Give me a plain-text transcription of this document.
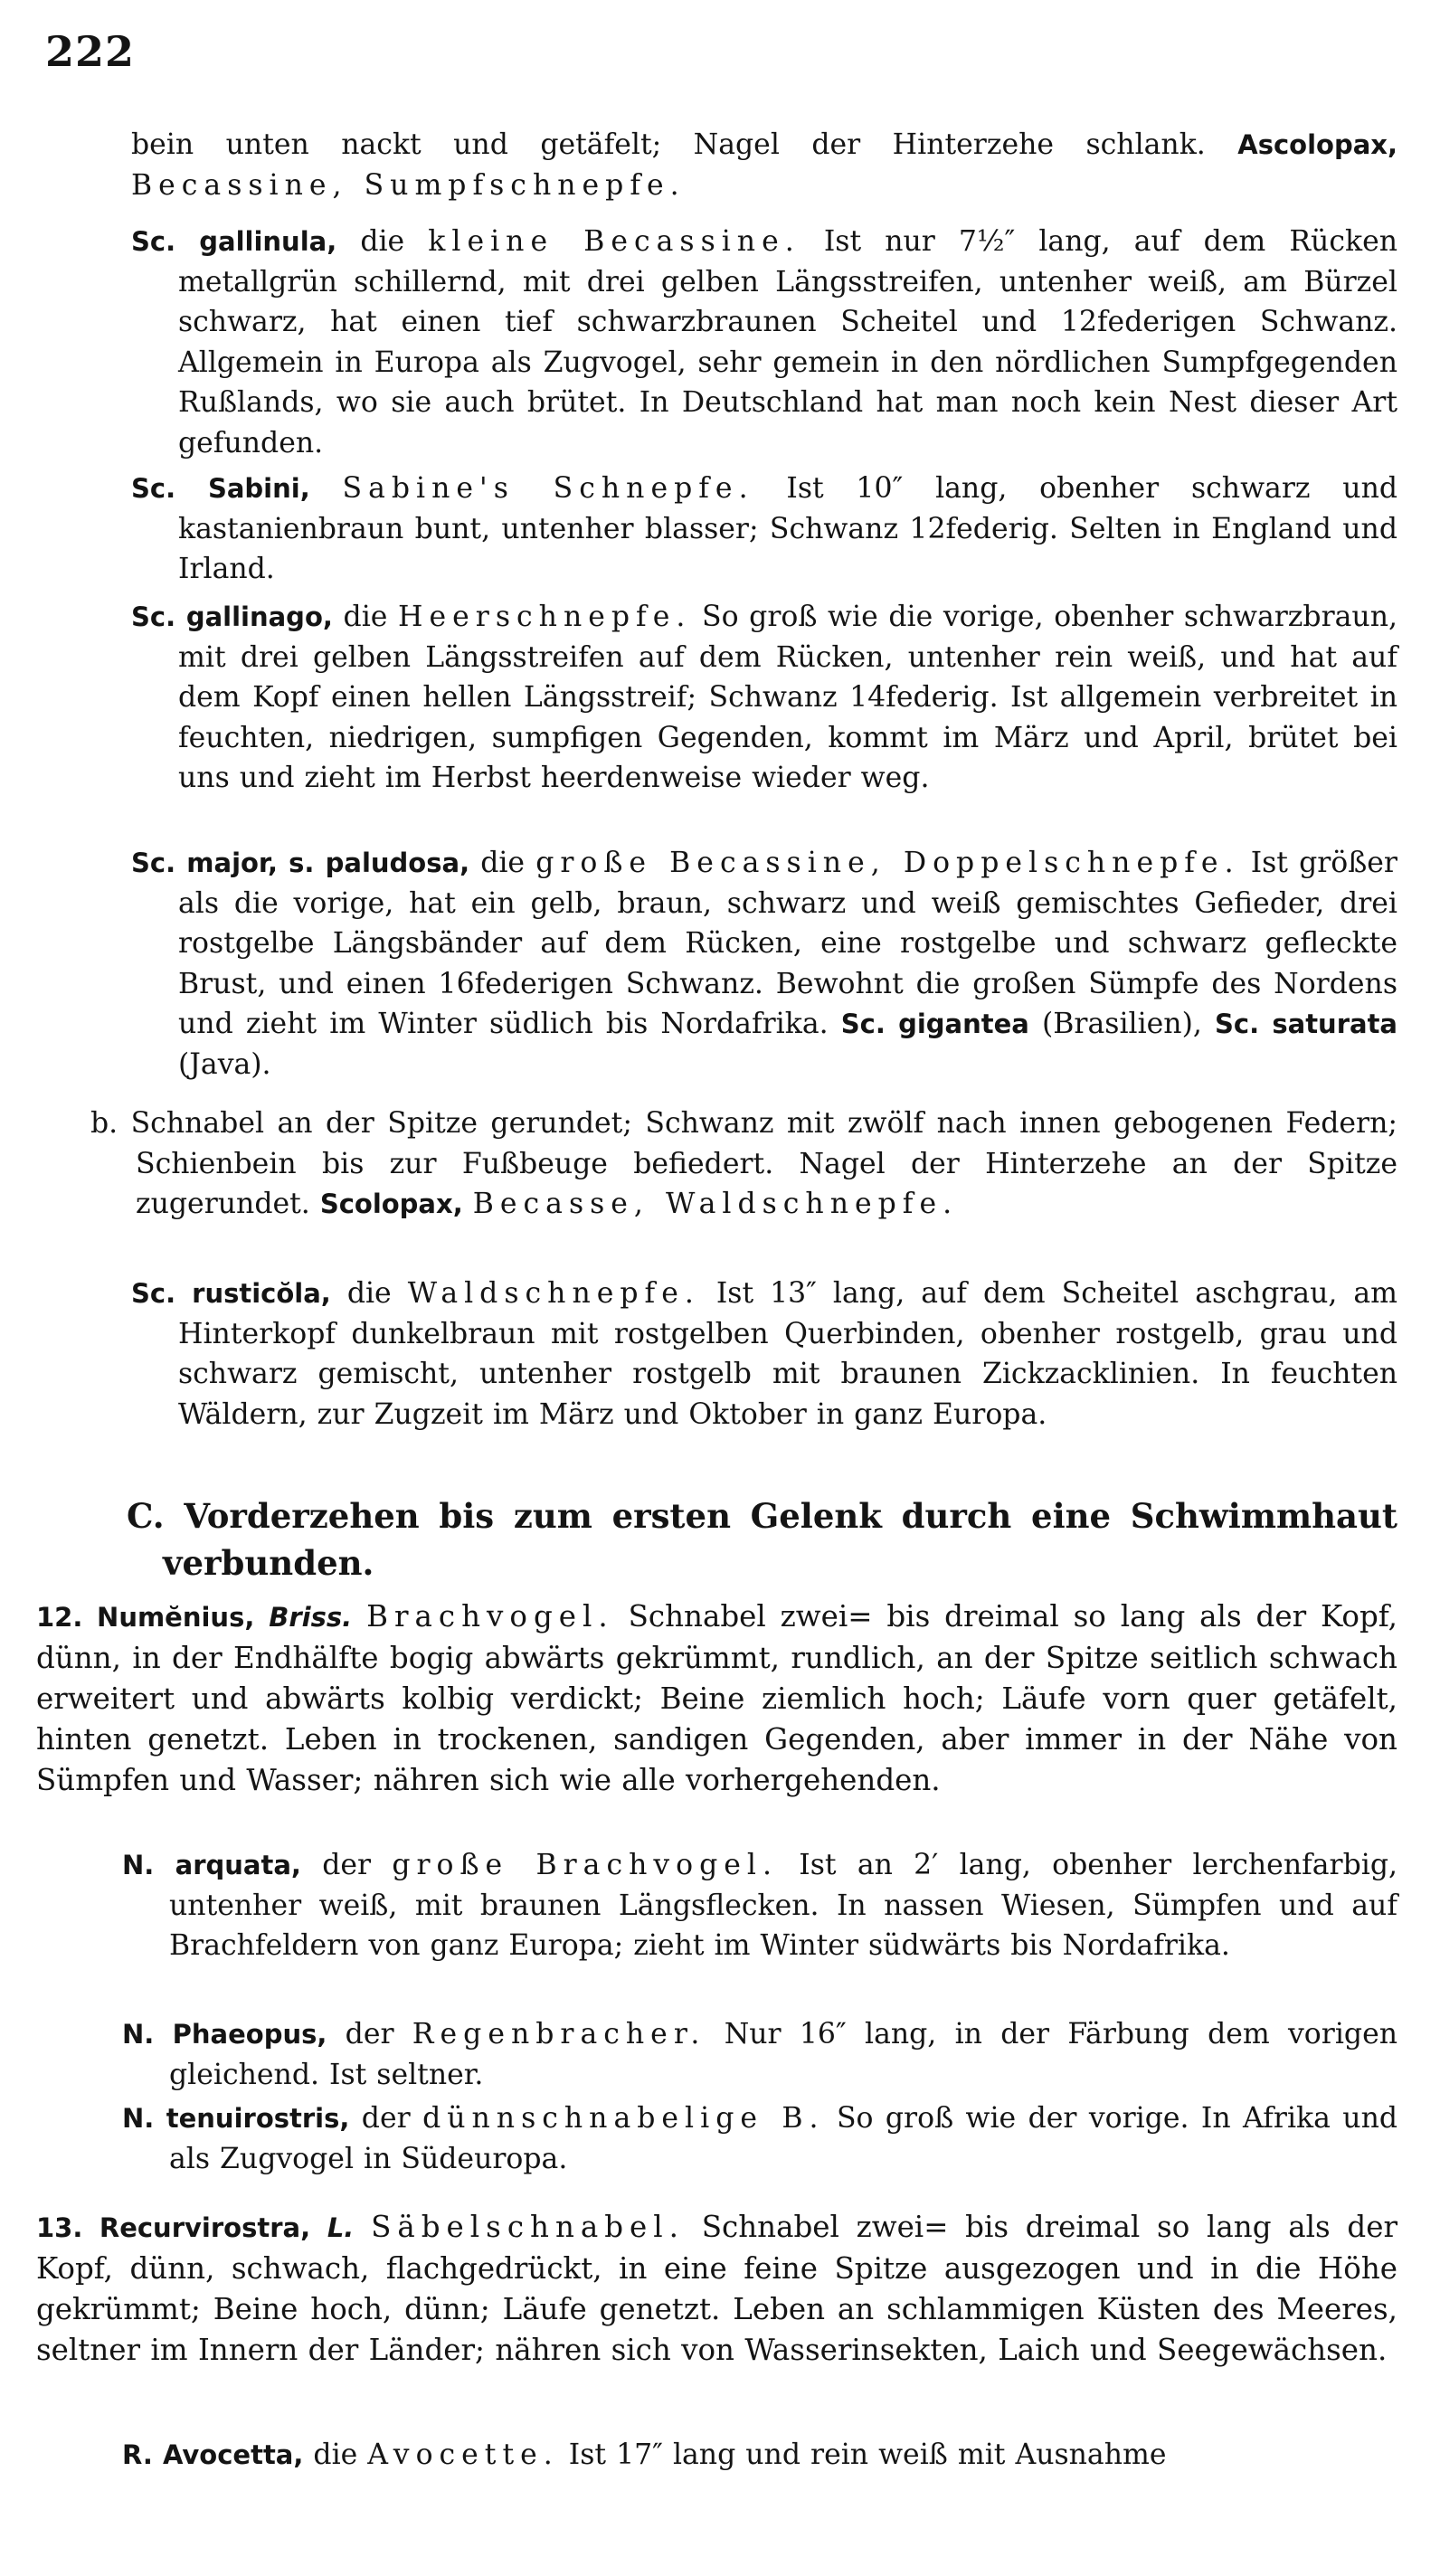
222

bein unten nackt und getäfelt; Nagel der Hinterzehe schlank. Ascolopax, Becassine, Sumpfschnepfe.

Sc. gallinula, die kleine Becassine. Ist nur 7½″ lang, auf dem Rücken metallgrün schillernd, mit drei gelben Längsstreifen, untenher weiß, am Bürzel schwarz, hat einen tief schwarzbraunen Scheitel und 12federigen Schwanz. Allgemein in Europa als Zugvogel, sehr gemein in den nördlichen Sumpfgegenden Rußlands, wo sie auch brütet. In Deutschland hat man noch kein Nest dieser Art gefunden.

Sc. Sabini, Sabine's Schnepfe. Ist 10″ lang, obenher schwarz und kastanienbraun bunt, untenher blasser; Schwanz 12federig. Selten in England und Irland.

Sc. gallinago, die Heerschnepfe. So groß wie die vorige, obenher schwarzbraun, mit drei gelben Längsstreifen auf dem Rücken, untenher rein weiß, und hat auf dem Kopf einen hellen Längsstreif; Schwanz 14federig. Ist allgemein verbreitet in feuchten, niedrigen, sumpfigen Gegenden, kommt im März und April, brütet bei uns und zieht im Herbst heerdenweise wieder weg.

Sc. major, s. paludosa, die große Becassine, Doppelschnepfe. Ist größer als die vorige, hat ein gelb, braun, schwarz und weiß gemischtes Gefieder, drei rostgelbe Längsbänder auf dem Rücken, eine rostgelbe und schwarz gefleckte Brust, und einen 16federigen Schwanz. Bewohnt die großen Sümpfe des Nordens und zieht im Winter südlich bis Nordafrika. Sc. gigantea (Brasilien), Sc. saturata (Java).

b. Schnabel an der Spitze gerundet; Schwanz mit zwölf nach innen gebogenen Federn; Schienbein bis zur Fußbeuge befiedert. Nagel der Hinterzehe an der Spitze zugerundet. Scolopax, Becasse, Waldschnepfe.

Sc. rusticŏla, die Waldschnepfe. Ist 13″ lang, auf dem Scheitel aschgrau, am Hinterkopf dunkelbraun mit rostgelben Querbinden, obenher rostgelb, grau und schwarz gemischt, untenher rostgelb mit braunen Zickzacklinien. In feuchten Wäldern, zur Zugzeit im März und Oktober in ganz Europa.

C. Vorderzehen bis zum ersten Gelenk durch eine Schwimmhaut verbunden.

12. Numĕnius, Briss. Brachvogel. Schnabel zwei= bis dreimal so lang als der Kopf, dünn, in der Endhälfte bogig abwärts gekrümmt, rundlich, an der Spitze seitlich schwach erweitert und abwärts kolbig verdickt; Beine ziemlich hoch; Läufe vorn quer getäfelt, hinten genetzt. Leben in trockenen, sandigen Gegenden, aber immer in der Nähe von Sümpfen und Wasser; nähren sich wie alle vorhergehenden.

N. arquata, der große Brachvogel. Ist an 2′ lang, obenher lerchenfarbig, untenher weiß, mit braunen Längsflecken. In nassen Wiesen, Sümpfen und auf Brachfeldern von ganz Europa; zieht im Winter südwärts bis Nordafrika.

N. Phaeopus, der Regenbracher. Nur 16″ lang, in der Färbung dem vorigen gleichend. Ist seltner.

N. tenuirostris, der dünnschnabelige B. So groß wie der vorige. In Afrika und als Zugvogel in Südeuropa.

13. Recurvirostra, L. Säbelschnabel. Schnabel zwei= bis dreimal so lang als der Kopf, dünn, schwach, flachgedrückt, in eine feine Spitze ausgezogen und in die Höhe gekrümmt; Beine hoch, dünn; Läufe genetzt. Leben an schlammigen Küsten des Meeres, seltner im Innern der Länder; nähren sich von Wasserinsekten, Laich und Seegewächsen.

R. Avocetta, die Avocette. Ist 17″ lang und rein weiß mit Ausnahme
